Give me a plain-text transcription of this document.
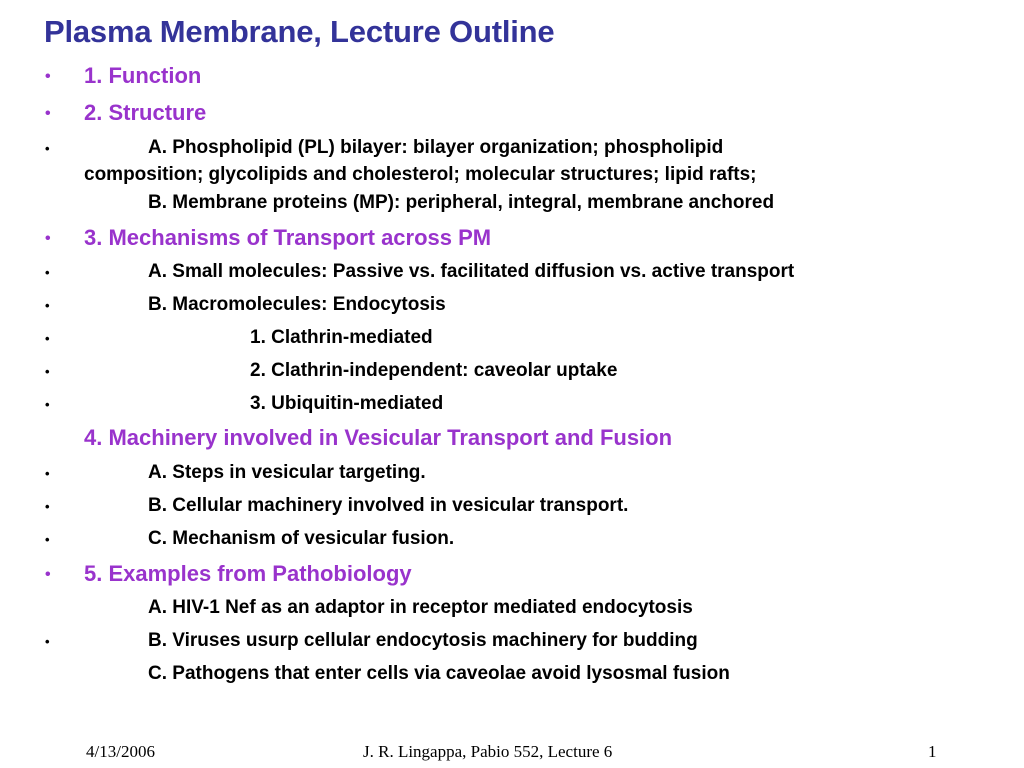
Plasma Membrane, Lecture Outline
•	1. Function
•	2. Structure
•	A. Phospholipid (PL) bilayer: bilayer organization; phospholipid
composition; glycolipids and cholesterol; molecular structures; lipid rafts;
B. Membrane proteins (MP): peripheral, integral, membrane anchored
•	3. Mechanisms of Transport across PM
•	A. Small molecules: Passive vs. facilitated diffusion vs. active transport
•	B. Macromolecules: Endocytosis
•	1. Clathrin-mediated
•	2. Clathrin-independent: caveolar uptake
•	3. Ubiquitin-mediated
4. Machinery involved in Vesicular Transport and Fusion
•	A. Steps in vesicular targeting.
•	B. Cellular machinery involved in vesicular transport.
•	C. Mechanism of vesicular fusion.
•	5. Examples from Pathobiology
A. HIV-1 Nef as an adaptor in receptor mediated endocytosis
•	B. Viruses usurp cellular endocytosis machinery for budding
C. Pathogens that enter cells via caveolae avoid lysosmal fusion
4/13/2006	J. R. Lingappa, Pabio 552, Lecture 6	1
